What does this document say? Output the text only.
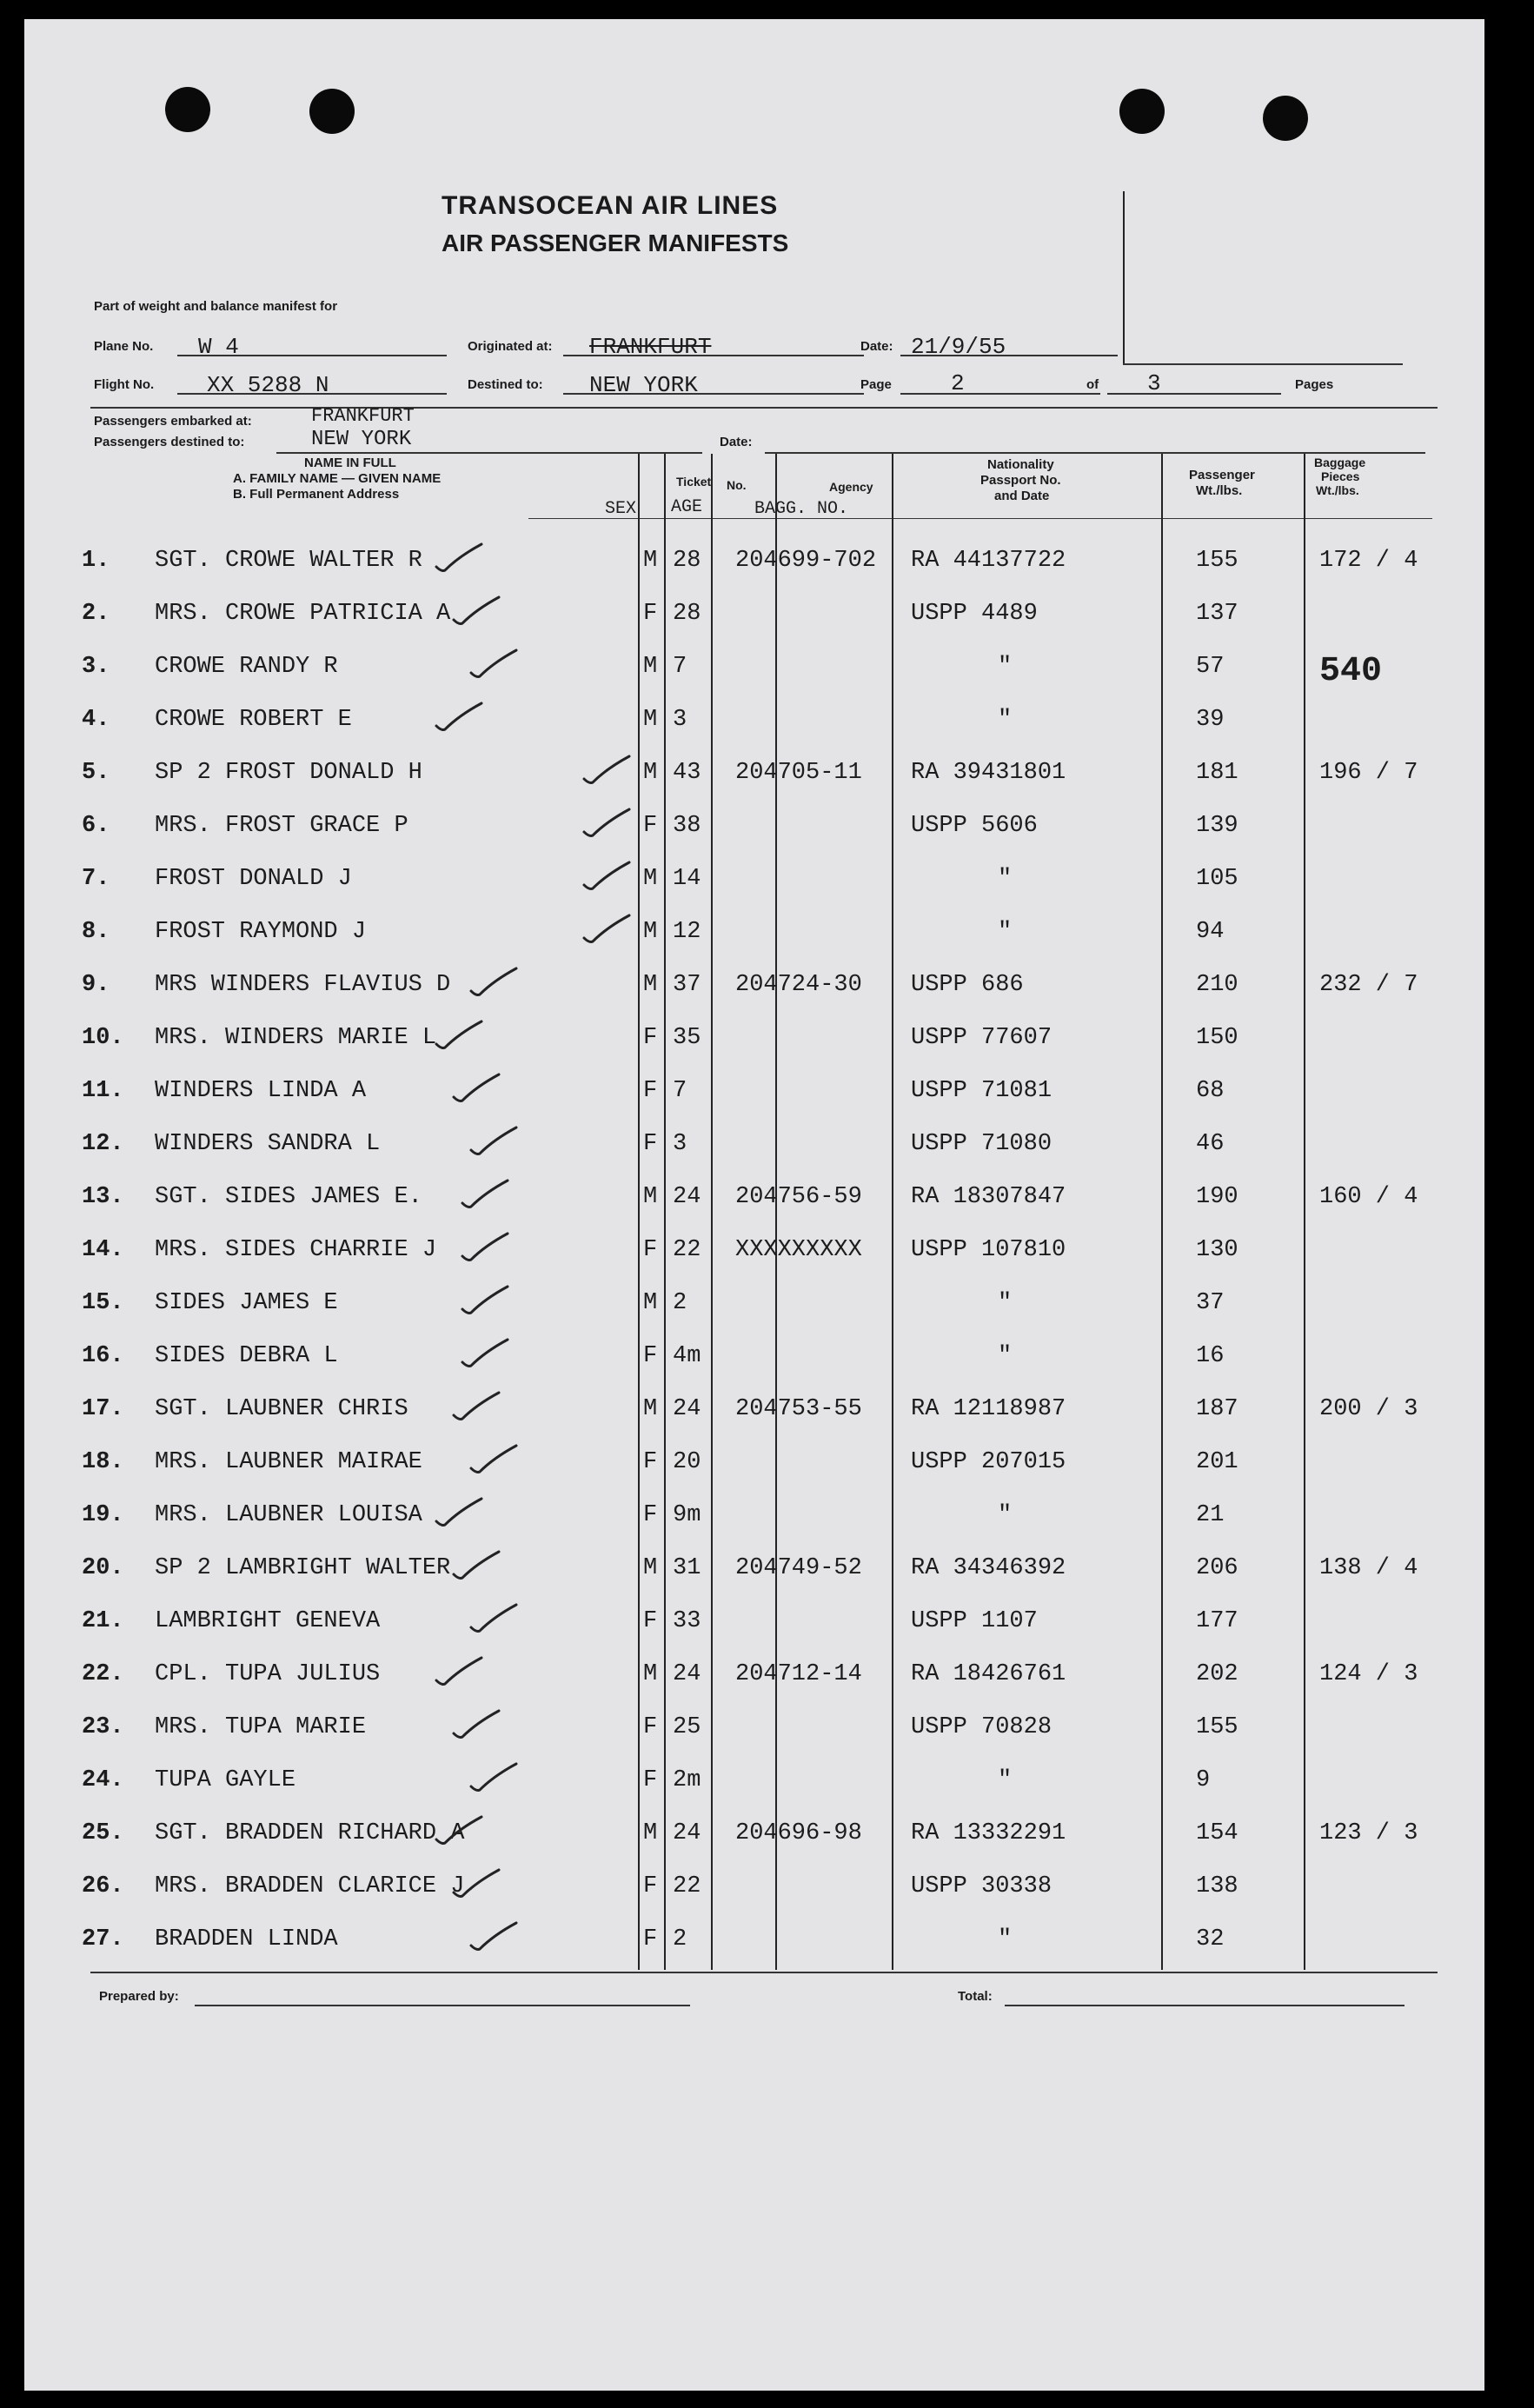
TRANSOCEAN AIR LINES
AIR PASSENGER MANIFESTS
Part of weight and balance manifest for
Plane No. W 4	Originated at: FRANKFURT	Date: 21/9/55
Flight No. XX 5288 N	Destined to: NEW YORK	Page	2	of 3	Pages
Passengers embarked at:	FRANKFURT
Passengers destined to:	NEW YORK	Date:
NAME IN FULL
A. FAMILY NAME — GIVEN NAME
B. Full Permanent Address
SEX
Ticket
AGE
No.	Agency
BAGG. NO.
Nationality
Passport No.
and Date
Passenger
Wt./lbs.
Baggage
Pieces
Wt./lbs.
540
1. SGT. CROWE WALTER R	M 28 204699-702 RA 44137722	155	172 / 4
2. MRS. CROWE PATRICIA A	F 28	USPP 4489	137
3. CROWE RANDY R	M 7	"	57
4. CROWE ROBERT E	M 3	"	39
5. SP 2 FROST DONALD H	M 43 204705-11 RA 39431801	181	196 / 7
6. MRS. FROST GRACE P	F 38	USPP 5606	139
7. FROST DONALD J	M 14	"	105
8. FROST RAYMOND J	M 12	"	94
9. MRS WINDERS FLAVIUS D	M 37 204724-30 USPP 686	210	232 / 7
10. MRS. WINDERS MARIE L	F 35	USPP 77607	150
11. WINDERS LINDA A	F 7	USPP 71081	68
12. WINDERS SANDRA L	F 3	USPP 71080	46
13. SGT. SIDES JAMES E.	M 24 204756-59 RA 18307847	190	160 / 4
14. MRS. SIDES CHARRIE J	F 22 XXXXXXXXX USPP 107810	130
15. SIDES JAMES E	M 2	"	37
16. SIDES DEBRA L	F 4m	"	16
17. SGT. LAUBNER CHRIS	M 24 204753-55 RA 12118987	187	200 / 3
18. MRS. LAUBNER MAIRAE	F 20	USPP 207015	201
19. MRS. LAUBNER LOUISA	F 9m	"	21
20. SP 2 LAMBRIGHT WALTER	M 31 204749-52 RA 34346392	206	138 / 4
21. LAMBRIGHT GENEVA	F 33	USPP 1107	177
22. CPL. TUPA JULIUS	M 24 204712-14 RA 18426761	202	124 / 3
23. MRS. TUPA MARIE	F 25	USPP 70828	155
24. TUPA GAYLE	F 2m	"	9
25. SGT. BRADDEN RICHARD A	M 24 204696-98 RA 13332291	154	123 / 3
26. MRS. BRADDEN CLARICE J	F 22	USPP 30338	138
27. BRADDEN LINDA	F 2	"	32
Prepared by:	Total:
